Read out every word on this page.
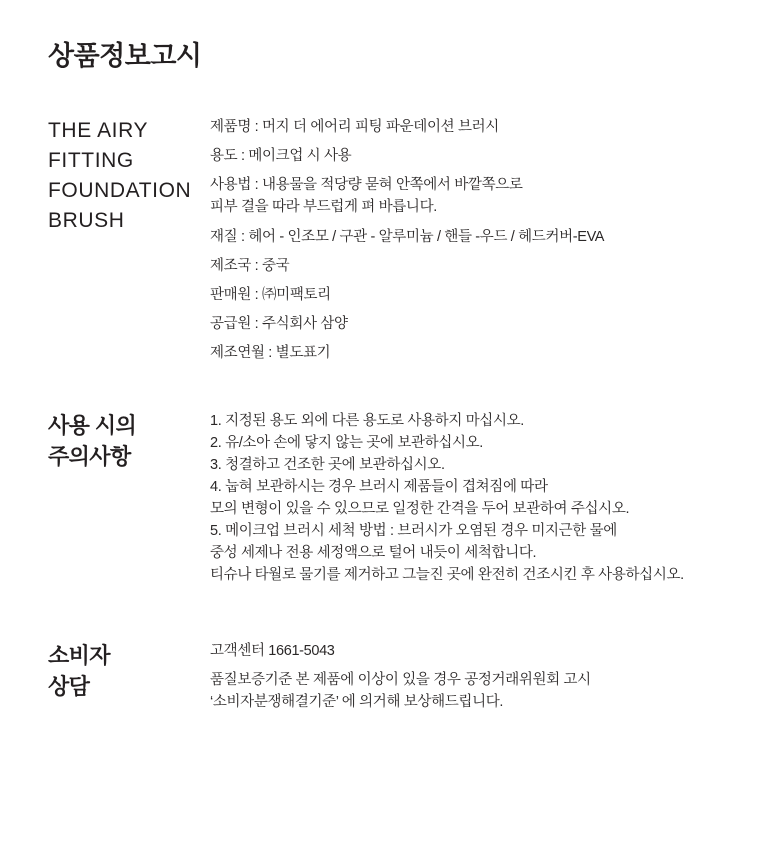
상품정보고시
THE AIRY
FITTING
FOUNDATION
BRUSH
제품명 : 머지 더 에어리 피팅 파운데이션 브러시
용도 : 메이크업 시 사용
사용법 : 내용물을 적당량 묻혀 안쪽에서 바깥쪽으로
피부 결을 따라 부드럽게 펴 바릅니다.
재질 : 헤어 - 인조모 / 구관 - 알루미늄 / 핸들 -우드 / 헤드커버-EVA
제조국 : 중국
판매원 : ㈜미팩토리
공급원 : 주식회사 삼양
제조연월 : 별도표기
사용 시의
주의사항
1. 지정된 용도 외에 다른 용도로 사용하지 마십시오.
2. 유/소아 손에 닿지 않는 곳에 보관하십시오.
3. 청결하고 건조한 곳에 보관하십시오.
4. 눕혀 보관하시는 경우 브러시 제품들이 겹쳐짐에 따라
모의 변형이 있을 수 있으므로 일정한 간격을 두어 보관하여 주십시오.
5. 메이크업 브러시 세척 방법 : 브러시가 오염된 경우 미지근한 물에
중성 세제나 전용 세정액으로 털어 내듯이 세척합니다.
티슈나 타월로 물기를 제거하고 그늘진 곳에 완전히 건조시킨 후 사용하십시오.
소비자
상담
고객센터 1661-5043
품질보증기준 본 제품에 이상이 있을 경우 공정거래위원회 고시
‘소비자분쟁해결기준’ 에 의거해 보상해드립니다.
